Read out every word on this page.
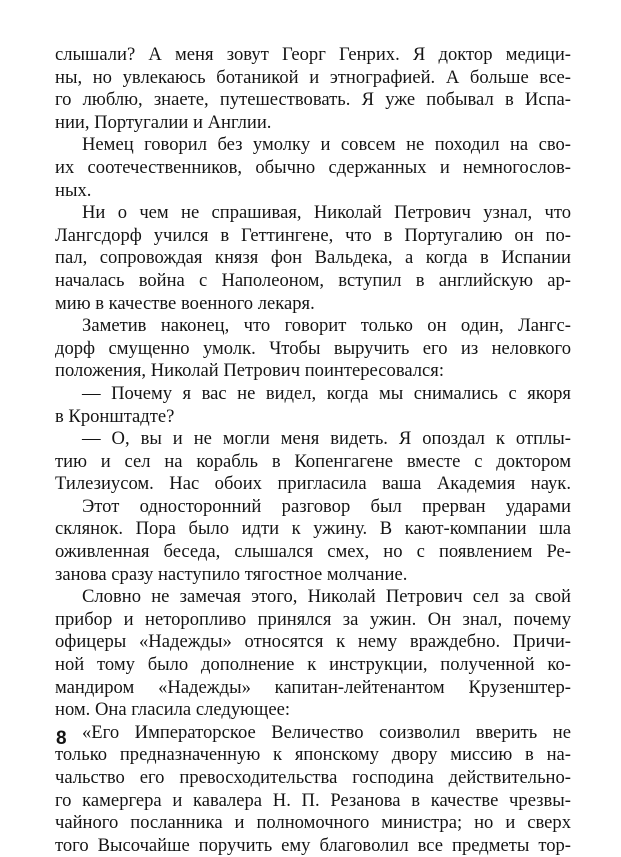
слышали? А меня зовут Георг Генрих. Я доктор медици-
ны, но увлекаюсь ботаникой и этнографией. А больше все-
го люблю, знаете, путешествовать. Я уже побывал в Испа-
нии, Португалии и Англии.
Немец говорил без умолку и совсем не походил на сво-
их соотечественников, обычно сдержанных и немногослов-
ных.
Ни о чем не спрашивая, Николай Петрович узнал, что
Лангсдорф учился в Геттингене, что в Португалию он по-
пал, сопровождая князя фон Вальдека, а когда в Испании
началась война с Наполеоном, вступил в английскую ар-
мию в качестве военного лекаря.
Заметив наконец, что говорит только он один, Лангс-
дорф смущенно умолк. Чтобы выручить его из неловкого
положения, Николай Петрович поинтересовался:
— Почему я вас не видел, когда мы снимались с якоря
в Кронштадте?
— О, вы и не могли меня видеть. Я опоздал к отплы-
тию и сел на корабль в Копенгагене вместе с доктором
Тилезиусом. Нас обоих пригласила ваша Академия наук.
Этот односторонний разговор был прерван ударами
склянок. Пора было идти к ужину. В кают-компании шла
оживленная беседа, слышался смех, но с появлением Ре-
занова сразу наступило тягостное молчание.
Словно не замечая этого, Николай Петрович сел за свой
прибор и неторопливо принялся за ужин. Он знал, почему
офицеры «Надежды» относятся к нему враждебно. Причи-
ной тому было дополнение к инструкции, полученной ко-
мандиром «Надежды» капитан-лейтенантом Крузенштер-
ном. Она гласила следующее:
«Его Императорское Величество соизволил вверить не
только предназначенную к японскому двору миссию в на-
чальство его превосходительства господина действительно-
го камергера и кавалера Н. П. Резанова в качестве чрезвы-
чайного посланника и полномочного министра; но и сверх
того Высочайше поручить ему благоволил все предметы тор-
8
